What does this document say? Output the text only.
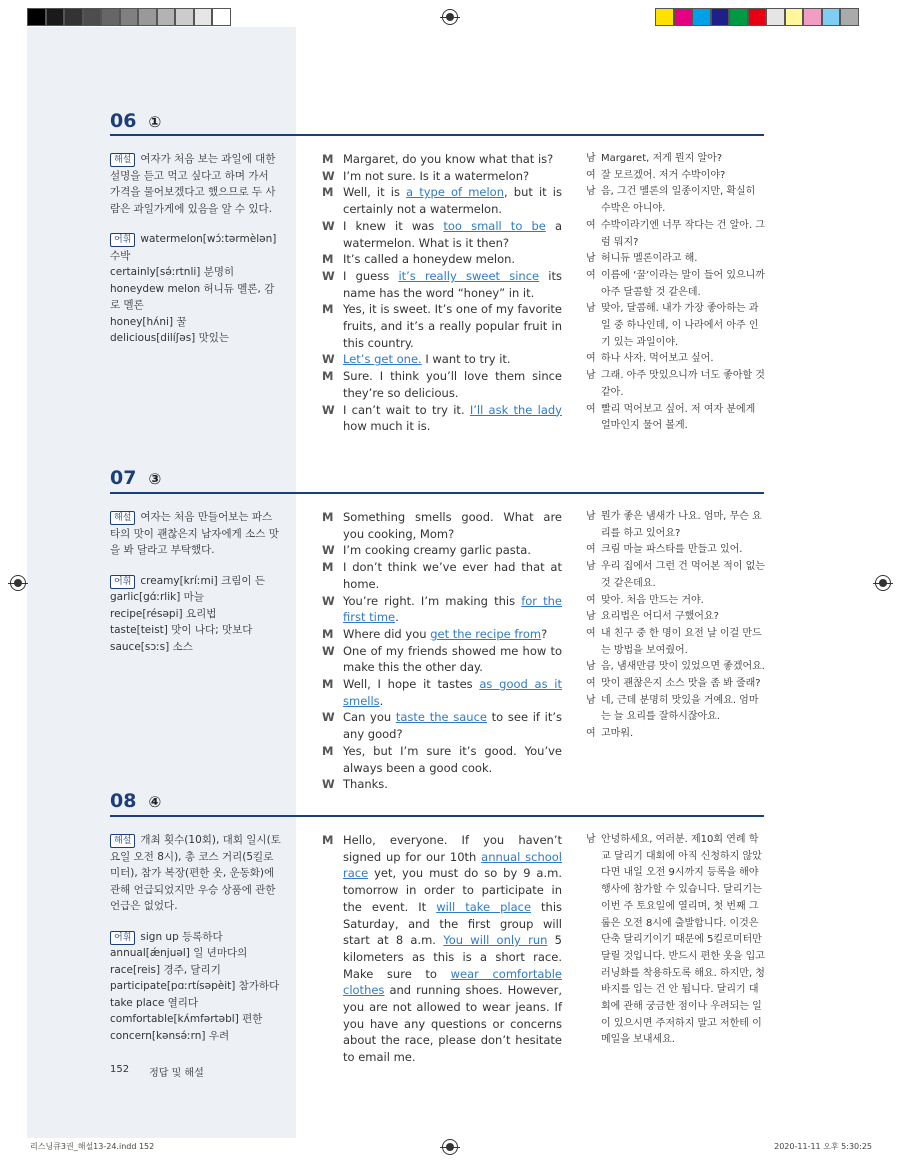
06 ①
해설 여자가 처음 보는 과일에 대한 설명을 듣고 먹고 싶다고 하며 가서 가격을 물어보겠다고 했으므로 두 사람은 과일가게에 있음을 알 수 있다.
어휘 watermelon[wɔ́ːtərmèlən] 수박
certainly[sə́ːrtnli] 분명히
honeydew melon 허니듀 멜론, 감로 멜론
honey[hʌ́ni] 꿀
delicious[dilíʃəs] 맛있는
M Margaret, do you know what that is?
W I’m not sure. Is it a watermelon?
M Well, it is a type of melon, but it is certainly not a watermelon.
W I knew it was too small to be a watermelon. What is it then?
M It’s called a honeydew melon.
W I guess it’s really sweet since its name has the word “honey” in it.
M Yes, it is sweet. It’s one of my favorite fruits, and it’s a really popular fruit in this country.
W Let’s get one. I want to try it.
M Sure. I think you’ll love them since they’re so delicious.
W I can’t wait to try it. I’ll ask the lady how much it is.
남 Margaret, 저게 뭔지 알아?
여 잘 모르겠어. 저거 수박이야?
남 음, 그건 멜론의 일종이지만, 확실히 수박은 아니야.
여 수박이라기엔 너무 작다는 건 알아. 그럼 뭐지?
남 허니듀 멜론이라고 해.
여 이름에 ‘꿀’이라는 말이 들어 있으니까 아주 달콤할 것 같은데.
남 맞아, 달콤해. 내가 가장 좋아하는 과일 중 하나인데, 이 나라에서 아주 인기 있는 과일이야.
여 하나 사자. 먹어보고 싶어.
남 그래. 아주 맛있으니까 너도 좋아할 것 같아.
여 빨리 먹어보고 싶어. 저 여자 분에게 얼마인지 물어 볼게.
07 ③
해설 여자는 처음 만들어보는 파스타의 맛이 괜찮은지 남자에게 소스 맛을 봐 달라고 부탁했다.
어휘 creamy[kríːmi] 크림이 든
garlic[gɑ́ːrlik] 마늘
recipe[résəpi] 요리법
taste[teist] 맛이 나다; 맛보다
sauce[sɔːs] 소스
M Something smells good. What are you cooking, Mom?
W I’m cooking creamy garlic pasta.
M I don’t think we’ve ever had that at home.
W You’re right. I’m making this for the first time.
M Where did you get the recipe from?
W One of my friends showed me how to make this the other day.
M Well, I hope it tastes as good as it smells.
W Can you taste the sauce to see if it’s any good?
M Yes, but I’m sure it’s good. You’ve always been a good cook.
W Thanks.
남 뭔가 좋은 냄새가 나요. 엄마, 무슨 요리를 하고 있어요?
여 크림 마늘 파스타를 만들고 있어.
남 우리 집에서 그런 건 먹어본 적이 없는 것 같은데요.
여 맞아. 처음 만드는 거야.
남 요리법은 어디서 구했어요?
여 내 친구 중 한 명이 요전 날 이걸 만드는 방법을 보여줬어.
남 음, 냄새만큼 맛이 있었으면 좋겠어요.
여 맛이 괜찮은지 소스 맛을 좀 봐 줄래?
남 네, 근데 분명히 맛있을 거예요. 엄마는 늘 요리를 잘하시잖아요.
여 고마워.
08 ④
해설 개최 횟수(10회), 대회 일시(토요일 오전 8시), 총 코스 거리(5킬로미터), 참가 복장(편한 옷, 운동화)에 관해 언급되었지만 우승 상품에 관한 언급은 없었다.
어휘 sign up 등록하다
annual[ǽnjuəl] 일 년마다의
race[reis] 경주, 달리기
participate[pɑːrtísəpèit] 참가하다
take place 열리다
comfortable[kʌ́mfərtəbl] 편한
concern[kənsə́ːrn] 우려
M Hello, everyone. If you haven’t signed up for our 10th annual school race yet, you must do so by 9 a.m. tomorrow in order to participate in the event. It will take place this Saturday, and the first group will start at 8 a.m. You will only run 5 kilometers as this is a short race. Make sure to wear comfortable clothes and running shoes. However, you are not allowed to wear jeans. If you have any questions or concerns about the race, please don’t hesitate to email me.
남 안녕하세요, 여러분. 제10회 연례 학교 달리기 대회에 아직 신청하지 않았다면 내일 오전 9시까지 등록을 해야 행사에 참가할 수 있습니다. 달리기는 이번 주 토요일에 열리며, 첫 번째 그룹은 오전 8시에 출발합니다. 이것은 단축 달리기이기 때문에 5킬로미터만 달릴 것입니다. 반드시 편한 옷을 입고 러닝화를 착용하도록 해요. 하지만, 청바지를 입는 건 안 됩니다. 달리기 대회에 관해 궁금한 점이나 우려되는 일이 있으시면 주저하지 말고 저한테 이메일을 보내세요.
152 정답 및 해설
리스닝큐3권_해설13-24.indd 152	2020-11-11 오후 5:30:25
